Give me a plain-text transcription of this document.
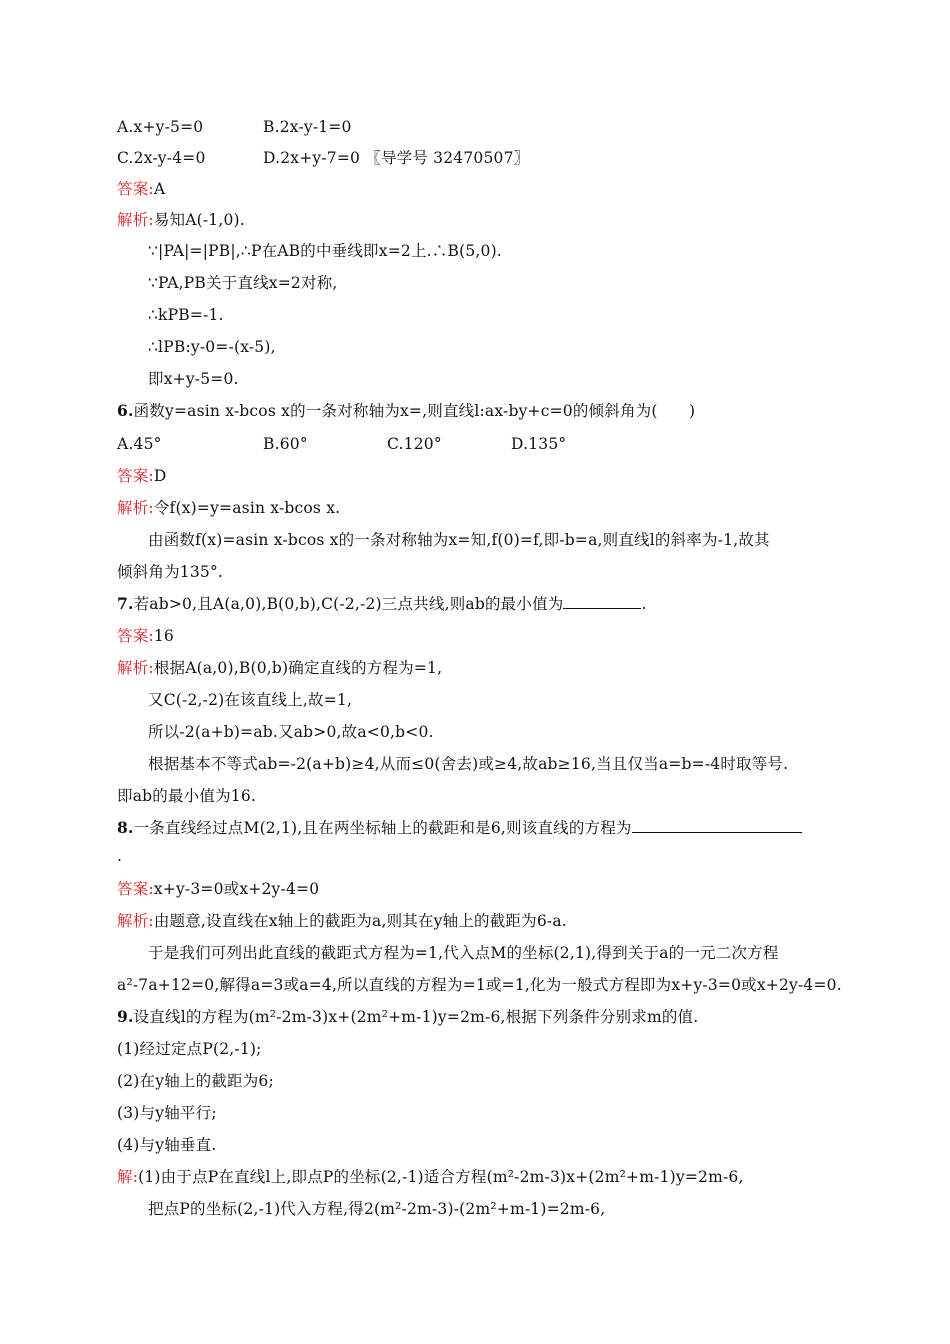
A.x+y-5=0	B.2x-y-1=0
C.2x-y-4=0	D.2x+y-7=0 〖导学号 32470507〗
答案:A
解析:易知A(-1,0).
∵|PA|=|PB|,∴P在AB的中垂线即x=2上.∴B(5,0).
∵PA,PB关于直线x=2对称,
∴kPB=-1.
∴lPB:y-0=-(x-5),
即x+y-5=0.
6.函数y=asin x-bcos x的一条对称轴为x=,则直线l:ax-by+c=0的倾斜角为(　　)
A.45°	B.60°	C.120°	D.135°
答案:D
解析:令f(x)=y=asin x-bcos x.
由函数f(x)=asin x-bcos x的一条对称轴为x=知,f(0)=f,即-b=a,则直线l的斜率为-1,故其
倾斜角为135°.
7.若ab>0,且A(a,0),B(0,b),C(-2,-2)三点共线,则ab的最小值为	.
答案:16
解析:根据A(a,0),B(0,b)确定直线的方程为=1,
又C(-2,-2)在该直线上,故=1,
所以-2(a+b)=ab.又ab>0,故a<0,b<0.
根据基本不等式ab=-2(a+b)≥4,从而≤0(舍去)或≥4,故ab≥16,当且仅当a=b=-4时取等号.
即ab的最小值为16.
8.一条直线经过点M(2,1),且在两坐标轴上的截距和是6,则该直线的方程为
.
答案:x+y-3=0或x+2y-4=0
解析:由题意,设直线在x轴上的截距为a,则其在y轴上的截距为6-a.
于是我们可列出此直线的截距式方程为=1,代入点M的坐标(2,1),得到关于a的一元二次方程
a²-7a+12=0,解得a=3或a=4,所以直线的方程为=1或=1,化为一般式方程即为x+y-3=0或x+2y-4=0.
9.设直线l的方程为(m²-2m-3)x+(2m²+m-1)y=2m-6,根据下列条件分别求m的值.
(1)经过定点P(2,-1);
(2)在y轴上的截距为6;
(3)与y轴平行;
(4)与y轴垂直.
解:(1)由于点P在直线l上,即点P的坐标(2,-1)适合方程(m²-2m-3)x+(2m²+m-1)y=2m-6,
把点P的坐标(2,-1)代入方程,得2(m²-2m-3)-(2m²+m-1)=2m-6,
